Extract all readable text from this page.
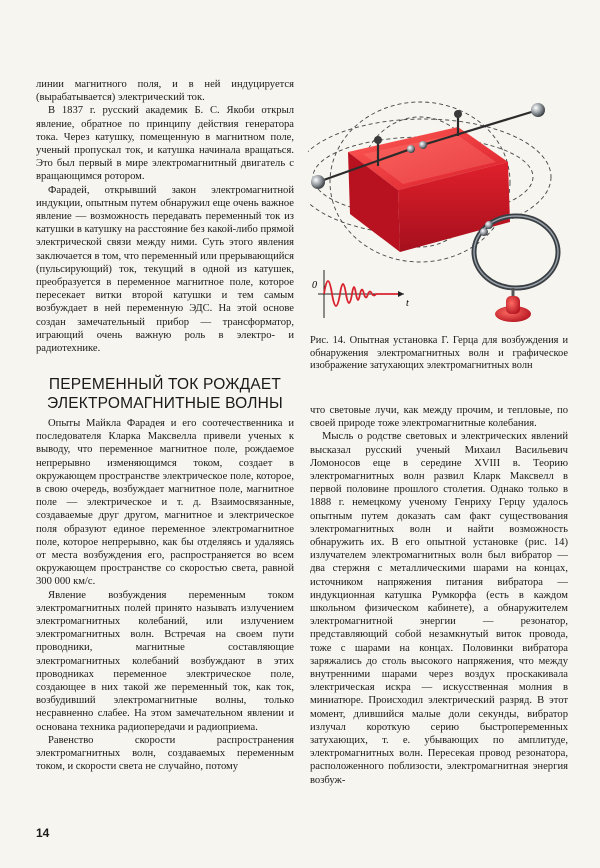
линии магнитного поля, и в ней индуцируется (вырабатывается) электрический ток.

В 1837 г. русский академик Б. С. Якоби открыл явление, обратное по принципу действия генератора тока. Через катушку, помещенную в магнитном поле, ученый пропускал ток, и катушка начинала вращаться. Это был первый в мире электромагнитный двигатель с вращающимся ротором.

Фарадей, открывший закон электромагнитной индукции, опытным путем обнаружил еще очень важное явление — возможность передавать переменный ток из катушки в катушку на расстояние без какой-либо прямой электрической связи между ними. Суть этого явления заключается в том, что переменный или прерывающийся (пульсирующий) ток, текущий в одной из катушек, преобразуется в переменное магнитное поле, которое пересекает витки второй катушки и тем самым возбуждает в ней переменную ЭДС. На этой основе создан замечательный прибор — трансформатор, играющий очень важную роль в электро- и радиотехнике.

ПЕРЕМЕННЫЙ ТОК РОЖДАЕТ ЭЛЕКТРОМАГНИТНЫЕ ВОЛНЫ

Опыты Майкла Фарадея и его соотечественника и последователя Кларка Максвелла привели ученых к выводу, что переменное магнитное поле, рождаемое непрерывно изменяющимся током, создает в окружающем пространстве электрическое поле, которое, в свою очередь, возбуждает магнитное поле, магнитное поле — электрическое и т. д. Взаимосвязанные, создаваемые друг другом, магнитное и электрическое поля образуют единое переменное электромагнитное поле, которое непрерывно, как бы отделяясь и удаляясь от места возбуждения его, распространяется во всем окружающем пространстве со скоростью света, равной 300 000 км/с.

Явление возбуждения переменным током электромагнитных полей принято называть излучением электромагнитных колебаний, или излучением электромагнитных волн. Встречая на своем пути проводники, магнитные составляющие электромагнитных колебаний возбуждают в этих проводниках переменное электрическое поле, создающее в них такой же переменный ток, как ток, возбудивший электромагнитные волны, только несравненно слабее. На этом замечательном явлении и основана техника радиопередачи и радиоприема.

Равенство скорости распространения электромагнитных волн, создаваемых переменным током, и скорости света не случайно, потому

0
t
Рис. 14. Опытная установка Г. Герца для возбуждения и обнаружения электромагнитных волн и графическое изображение затухающих электромагнитных волн

что световые лучи, как между прочим, и тепловые, по своей природе тоже электромагнитные колебания.

Мысль о родстве световых и электрических явлений высказал русский ученый Михаил Васильевич Ломоносов еще в середине XVIII в. Теорию электромагнитных волн развил Кларк Максвелл в первой половине прошлого столетия. Однако только в 1888 г. немецкому ученому Генриху Герцу удалось опытным путем доказать сам факт существования электромагнитных волн и найти возможность обнаружить их. В его опытной установке (рис. 14) излучателем электромагнитных волн был вибратор — два стержня с металлическими шарами на концах, источником напряжения питания вибратора — индукционная катушка Румкорфа (есть в каждом школьном физическом кабинете), а обнаружителем электромагнитной энергии — резонатор, представляющий собой незамкнутый виток провода, тоже с шарами на концах. Половинки вибратора заряжались до столь высокого напряжения, что между внутренними шарами через воздух проскакивала электрическая искра — искусственная молния в миниатюре. Происходил электрический разряд. В этот момент, длившийся малые доли секунды, вибратор излучал короткую серию быстропеременных затухающих, т. е. убывающих по амплитуде, электромагнитных волн. Пересекая провод резонатора, расположенного поблизости, электромагнитная энергия возбуж-

14
